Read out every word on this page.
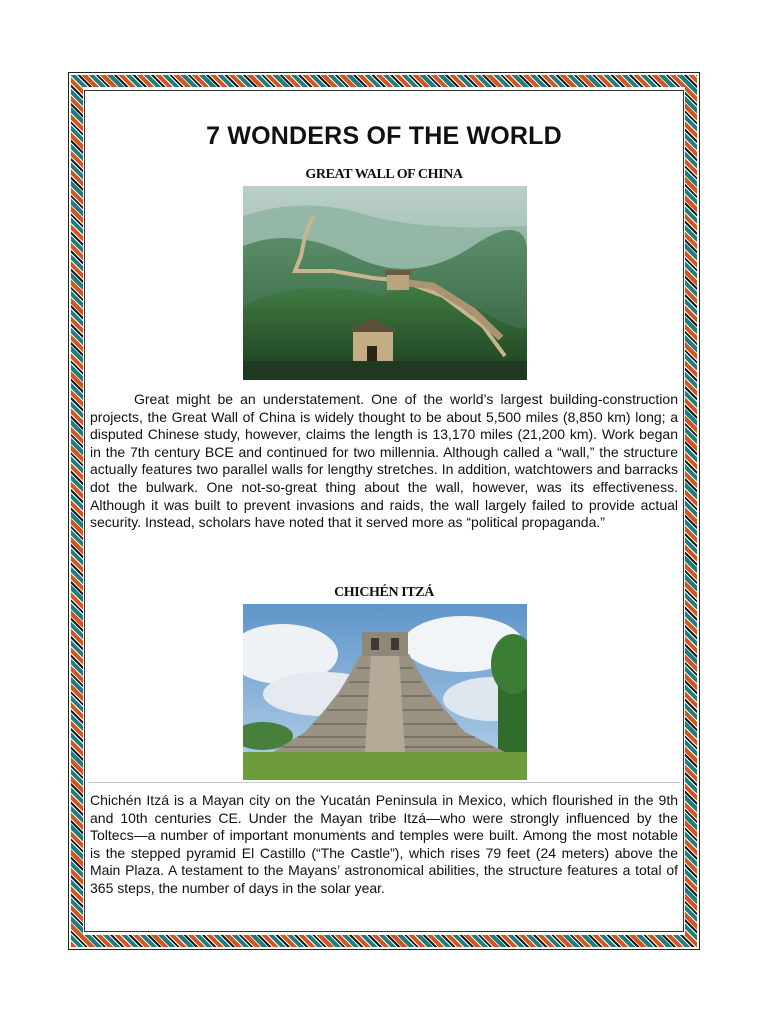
7 WONDERS OF THE WORLD
GREAT WALL OF CHINA

Great might be an understatement. One of the world’s largest building-construction projects, the Great Wall of China is widely thought to be about 5,500 miles (8,850 km) long; a disputed Chinese study, however, claims the length is 13,170 miles (21,200 km). Work began in the 7th century BCE and continued for two millennia. Although called a “wall,” the structure actually features two parallel walls for lengthy stretches. In addition, watchtowers and barracks dot the bulwark. One not-so-great thing about the wall, however, was its effectiveness. Although it was built to prevent invasions and raids, the wall largely failed to provide actual security. Instead, scholars have noted that it served more as “political propaganda.”

CHICHÉN ITZÁ

Chichén Itzá is a Mayan city on the Yucatán Peninsula in Mexico, which flourished in the 9th and 10th centuries CE. Under the Mayan tribe Itzá—who were strongly influenced by the Toltecs—a number of important monuments and temples were built. Among the most notable is the stepped pyramid El Castillo (“The Castle”), which rises 79 feet (24 meters) above the Main Plaza. A testament to the Mayans’ astronomical abilities, the structure features a total of 365 steps, the number of days in the solar year.
